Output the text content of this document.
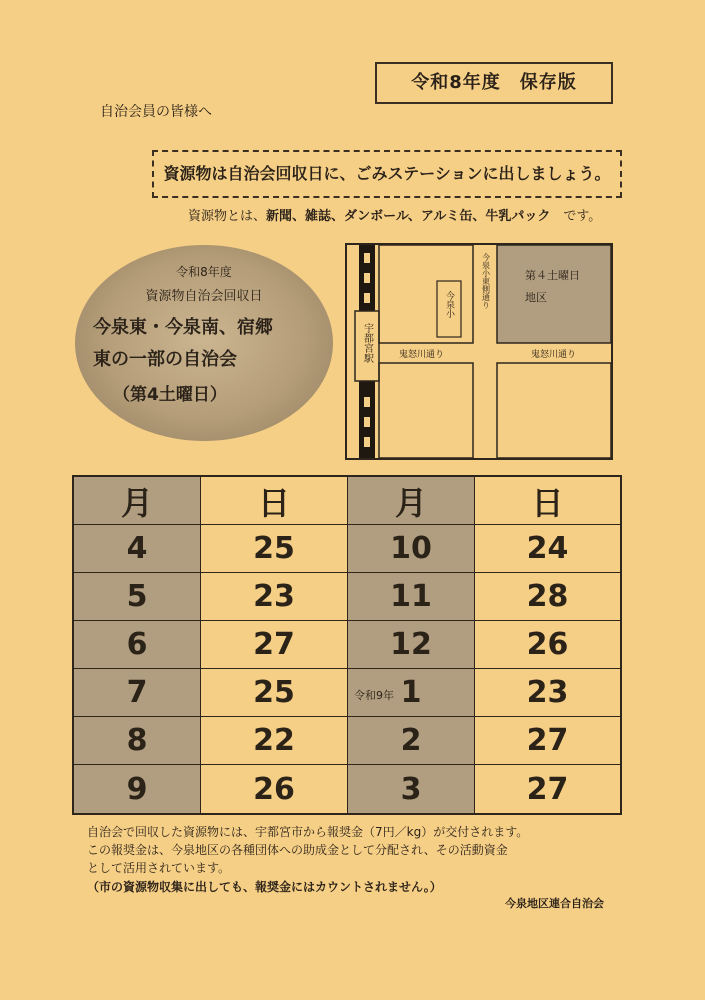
令和8年度　保存版
自治会員の皆様へ
資源物は自治会回収日に、ごみステーションに出しましょう。
資源物とは、新聞、雑誌、ダンボール、アルミ缶、牛乳パック　 です。
令和8年度
資源物自治会回収日
今泉東・今泉南、宿郷
東の一部の自治会
（第4土曜日）
宇都宮駅
第４土曜日
地区
今泉小	今泉小東側通り
鬼怒川通り	鬼怒川通り
月	日	月	日
4	25	10	24
5	23	11	28
6	27	12	26
7	25	令和9年 1	23
8	22	2	27
9	26	3	27
自治会で回収した資源物には、宇都宮市から報奨金（7円／kg）が交付されます。
この報奨金は、今泉地区の各種団体への助成金として分配され、その活動資金
として活用されています。
（市の資源物収集に出しても、報奨金にはカウントされません。）
今泉地区連合自治会
